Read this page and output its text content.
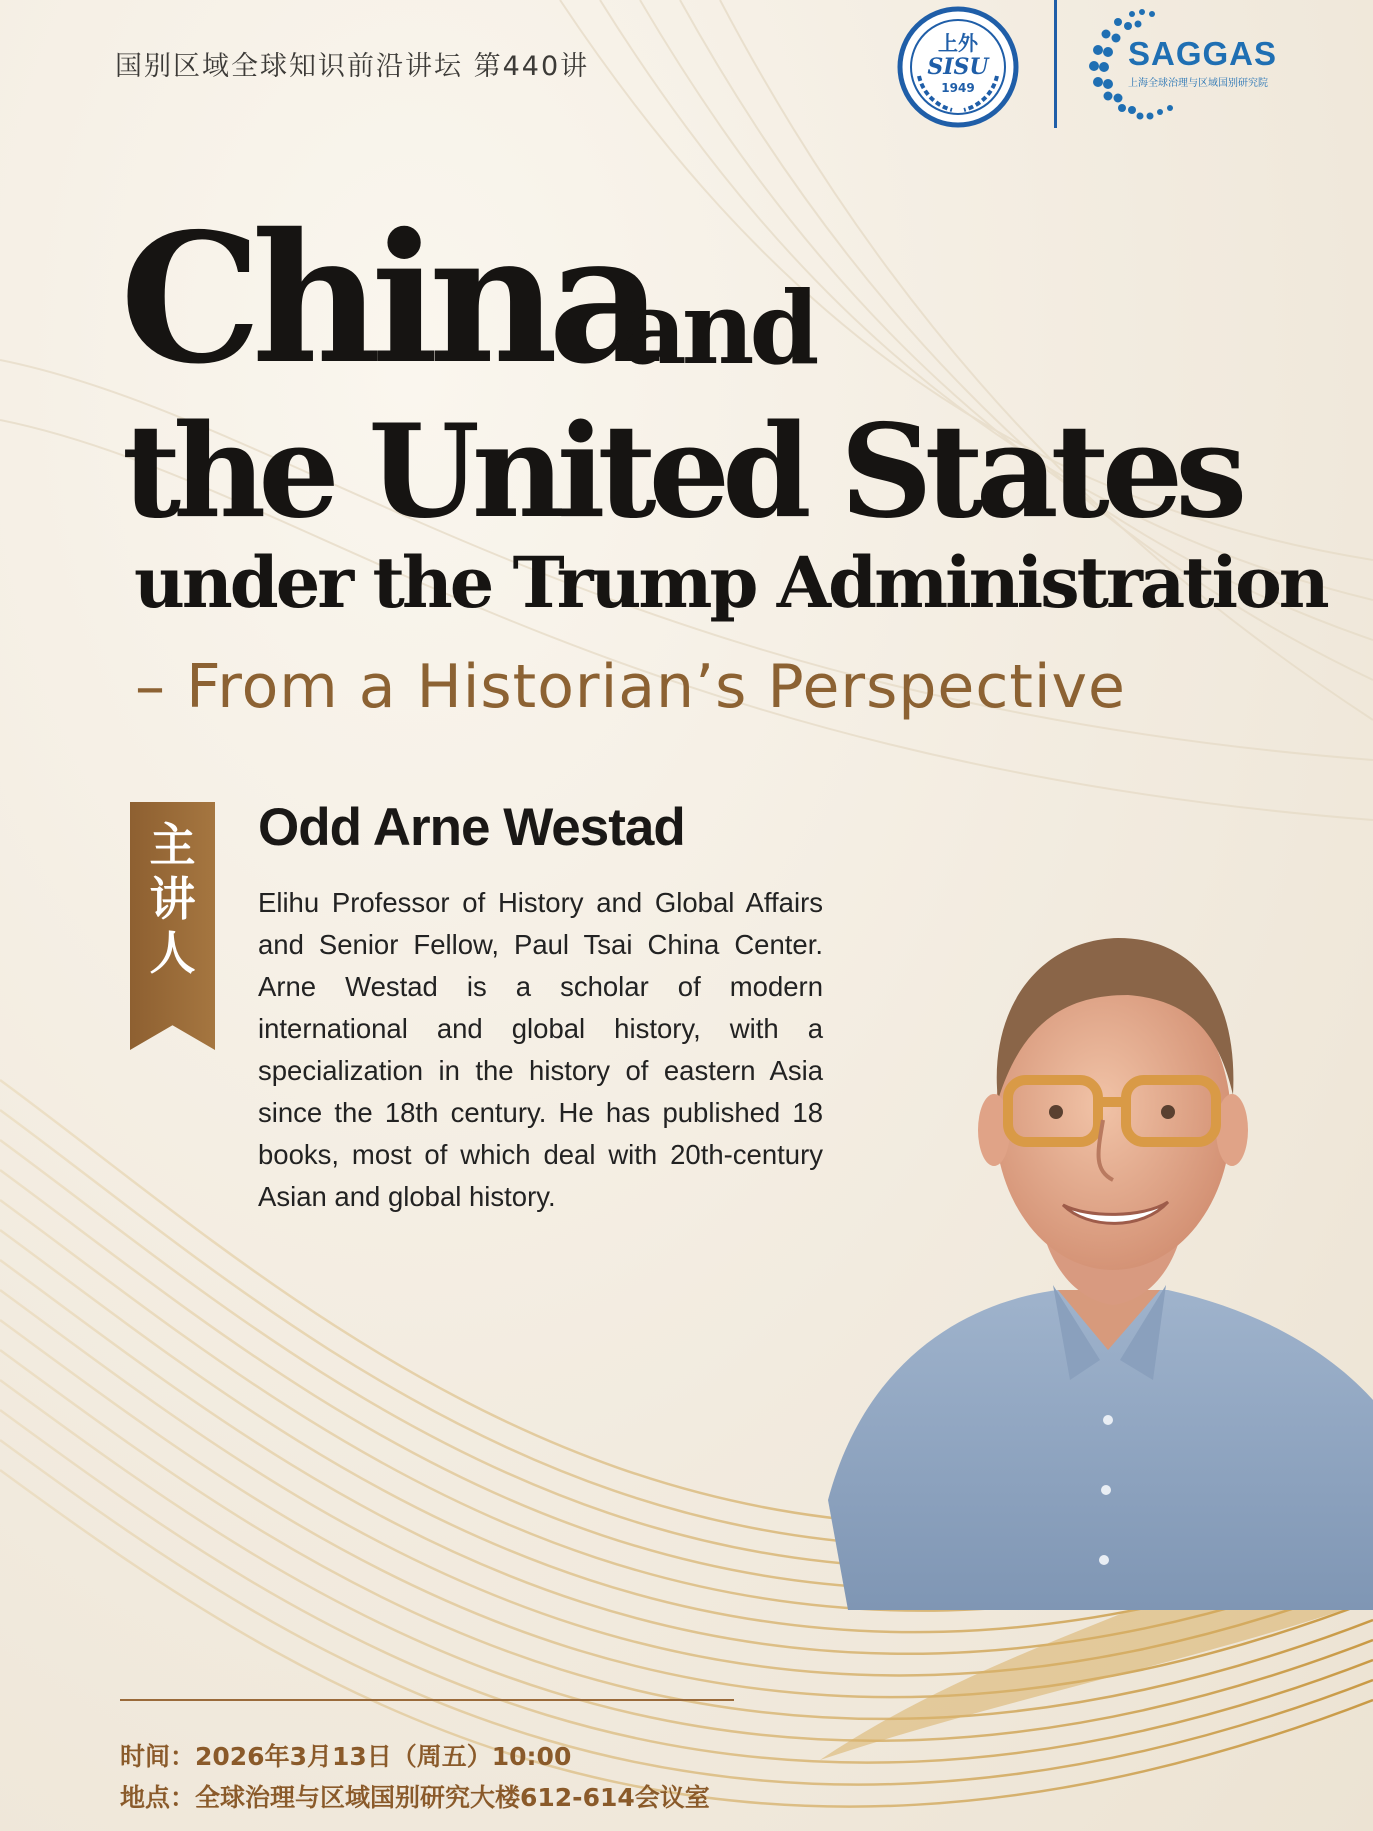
国别区域全球知识前沿讲坛 第440讲
上外
SISU
1949
SAGGAS
上海全球治理与区域国别研究院
China
and
the United States
under the Trump Administration
– From a Historian’s Perspective
主讲人
Odd Arne Westad
Elihu Professor of History and Global Affairs and Senior Fellow, Paul Tsai China Center. Arne Westad is a scholar of modern international and global history, with a specialization in the history of eastern Asia since the 18th century. He has published 18 books, most of which deal with 20th-century Asian and global history.
时间：2026年3月13日（周五）10:00
地点：全球治理与区域国别研究大楼612-614会议室
